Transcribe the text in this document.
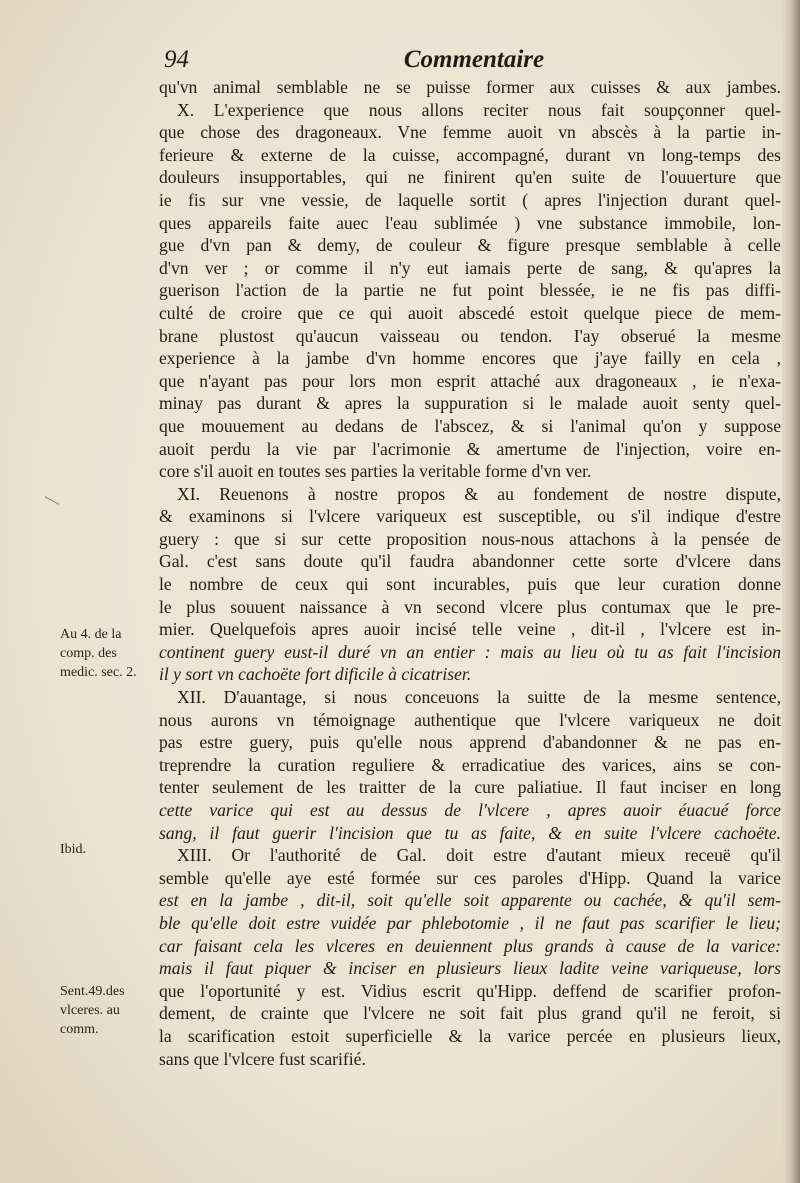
94	Commentaire
Au 4. de la comp. des medic. sec. 2.
Ibid.
Sent.49.des vlceres. au comm.
qu'vn animal semblable ne se puisse former aux cuisses & aux jambes.
X. L'experience que nous allons reciter nous fait soupçonner quel-
que chose des dragoneaux. Vne femme auoit vn abscès à la partie in-
ferieure & externe de la cuisse, accompagné, durant vn long-temps des
douleurs insupportables, qui ne finirent qu'en suite de l'ouuerture que
ie fis sur vne vessie, de laquelle sortit ( apres l'injection durant quel-
ques appareils faite auec l'eau sublimée ) vne substance immobile, lon-
gue d'vn pan & demy, de couleur & figure presque semblable à celle
d'vn ver ; or comme il n'y eut iamais perte de sang, & qu'apres la
guerison l'action de la partie ne fut point blessée, ie ne fis pas diffi-
culté de croire que ce qui auoit abscedé estoit quelque piece de mem-
brane plustost qu'aucun vaisseau ou tendon. I'ay obserué la mesme
experience à la jambe d'vn homme encores que j'aye failly en cela ,
que n'ayant pas pour lors mon esprit attaché aux dragoneaux , ie n'exa-
minay pas durant & apres la suppuration si le malade auoit senty quel-
que mouuement au dedans de l'abscez, & si l'animal qu'on y suppose
auoit perdu la vie par l'acrimonie & amertume de l'injection, voire en-
core s'il auoit en toutes ses parties la veritable forme d'vn ver.
XI. Reuenons à nostre propos & au fondement de nostre dispute,
& examinons si l'vlcere variqueux est susceptible, ou s'il indique d'estre
guery : que si sur cette proposition nous-nous attachons à la pensée de
Gal. c'est sans doute qu'il faudra abandonner cette sorte d'vlcere dans
le nombre de ceux qui sont incurables, puis que leur curation donne
le plus souuent naissance à vn second vlcere plus contumax que le pre-
mier. Quelquefois apres auoir incisé telle veine , dit-il , l'vlcere est in-
continent guery eust-il duré vn an entier : mais au lieu où tu as fait l'incision
il y sort vn cachoëte fort dificile à cicatriser.
XII. D'auantage, si nous conceuons la suitte de la mesme sentence,
nous aurons vn témoignage authentique que l'vlcere variqueux ne doit
pas estre guery, puis qu'elle nous apprend d'abandonner & ne pas en-
treprendre la curation reguliere & erradicatiue des varices, ains se con-
tenter seulement de les traitter de la cure paliatiue. Il faut inciser en long
cette varice qui est au dessus de l'vlcere , apres auoir éuacué force
sang, il faut guerir l'incision que tu as faite, & en suite l'vlcere cachoëte.
XIII. Or l'authorité de Gal. doit estre d'autant mieux receuë qu'il
semble qu'elle aye esté formée sur ces paroles d'Hipp. Quand la varice
est en la jambe , dit-il, soit qu'elle soit apparente ou cachée, & qu'il sem-
ble qu'elle doit estre vuidée par phlebotomie , il ne faut pas scarifier le lieu;
car faisant cela les vlceres en deuiennent plus grands à cause de la varice:
mais il faut piquer & inciser en plusieurs lieux ladite veine variqueuse, lors
que l'oportunité y est. Vidius escrit qu'Hipp. deffend de scarifier profon-
dement, de crainte que l'vlcere ne soit fait plus grand qu'il ne feroit, si
la scarification estoit superficielle & la varice percée en plusieurs lieux,
sans que l'vlcere fust scarifié.
